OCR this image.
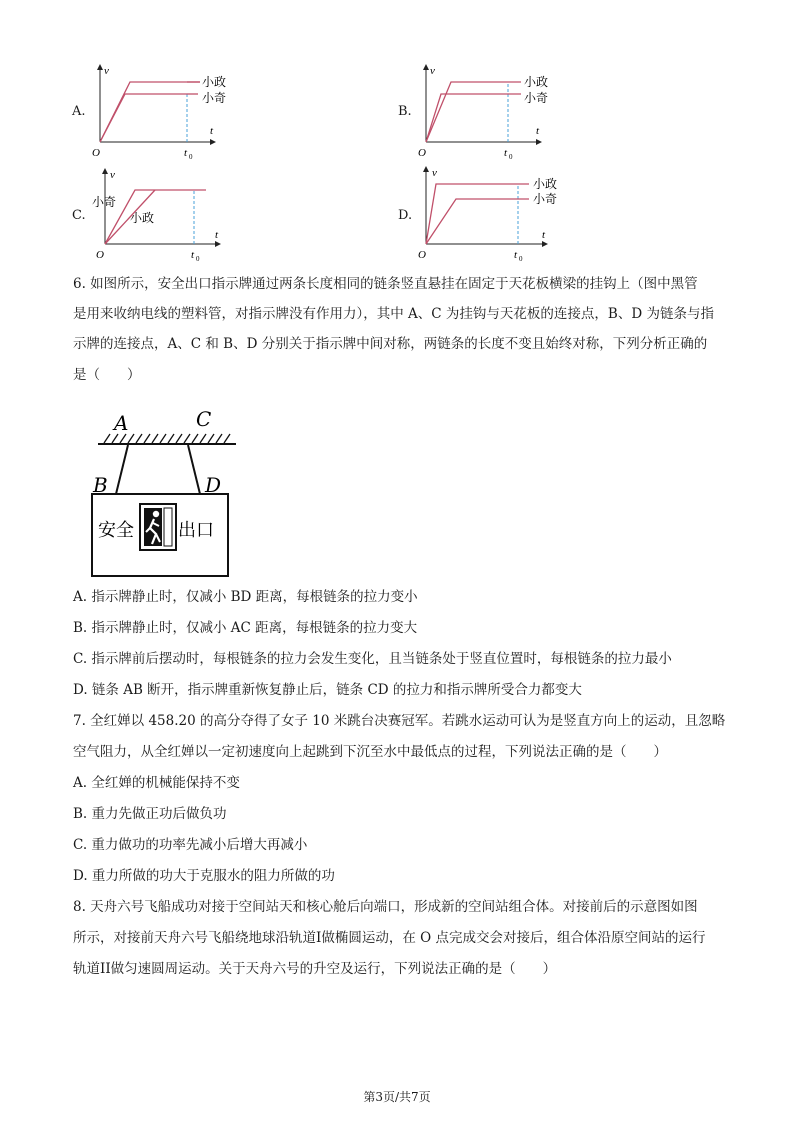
A.
v
t
O	t 0
小政
小奇
B.
v
t
O	t 0
小政
小奇
C.
v
t
O	t 0
小奇
小政	D.
v
t
O	t 0
小政
小奇
6. 如图所示，安全出口指示牌通过两条长度相同的链条竖直悬挂在固定于天花板横梁的挂钩上（图中黑管
是用来收纳电线的塑料管，对指示牌没有作用力），其中 A、C 为挂钩与天花板的连接点，B、D 为链条与指
示牌的连接点，A、C 和 B、D 分别关于指示牌中间对称，两链条的长度不变且始终对称，下列分析正确的
是（　　）
A	C
B	D
安全 出口
A. 指示牌静止时，仅减小 BD 距离，每根链条的拉力变小
B. 指示牌静止时，仅减小 AC 距离，每根链条的拉力变大
C. 指示牌前后摆动时，每根链条的拉力会发生变化，且当链条处于竖直位置时，每根链条的拉力最小
D. 链条 AB 断开，指示牌重新恢复静止后，链条 CD 的拉力和指示牌所受合力都变大
7. 全红婵以 458.20 的高分夺得了女子 10 米跳台决赛冠军。若跳水运动可认为是竖直方向上的运动，且忽略
空气阻力，从全红婵以一定初速度向上起跳到下沉至水中最低点的过程，下列说法正确的是（　　）
A. 全红婵的机械能保持不变
B. 重力先做正功后做负功
C. 重力做功的功率先减小后增大再减小
D. 重力所做的功大于克服水的阻力所做的功
8. 天舟六号飞船成功对接于空间站天和核心舱后向端口，形成新的空间站组合体。对接前后的示意图如图
所示，对接前天舟六号飞船绕地球沿轨道I做椭圆运动，在 O 点完成交会对接后，组合体沿原空间站的运行
轨道II做匀速圆周运动。关于天舟六号的升空及运行，下列说法正确的是（　　）
第3页/共7页
